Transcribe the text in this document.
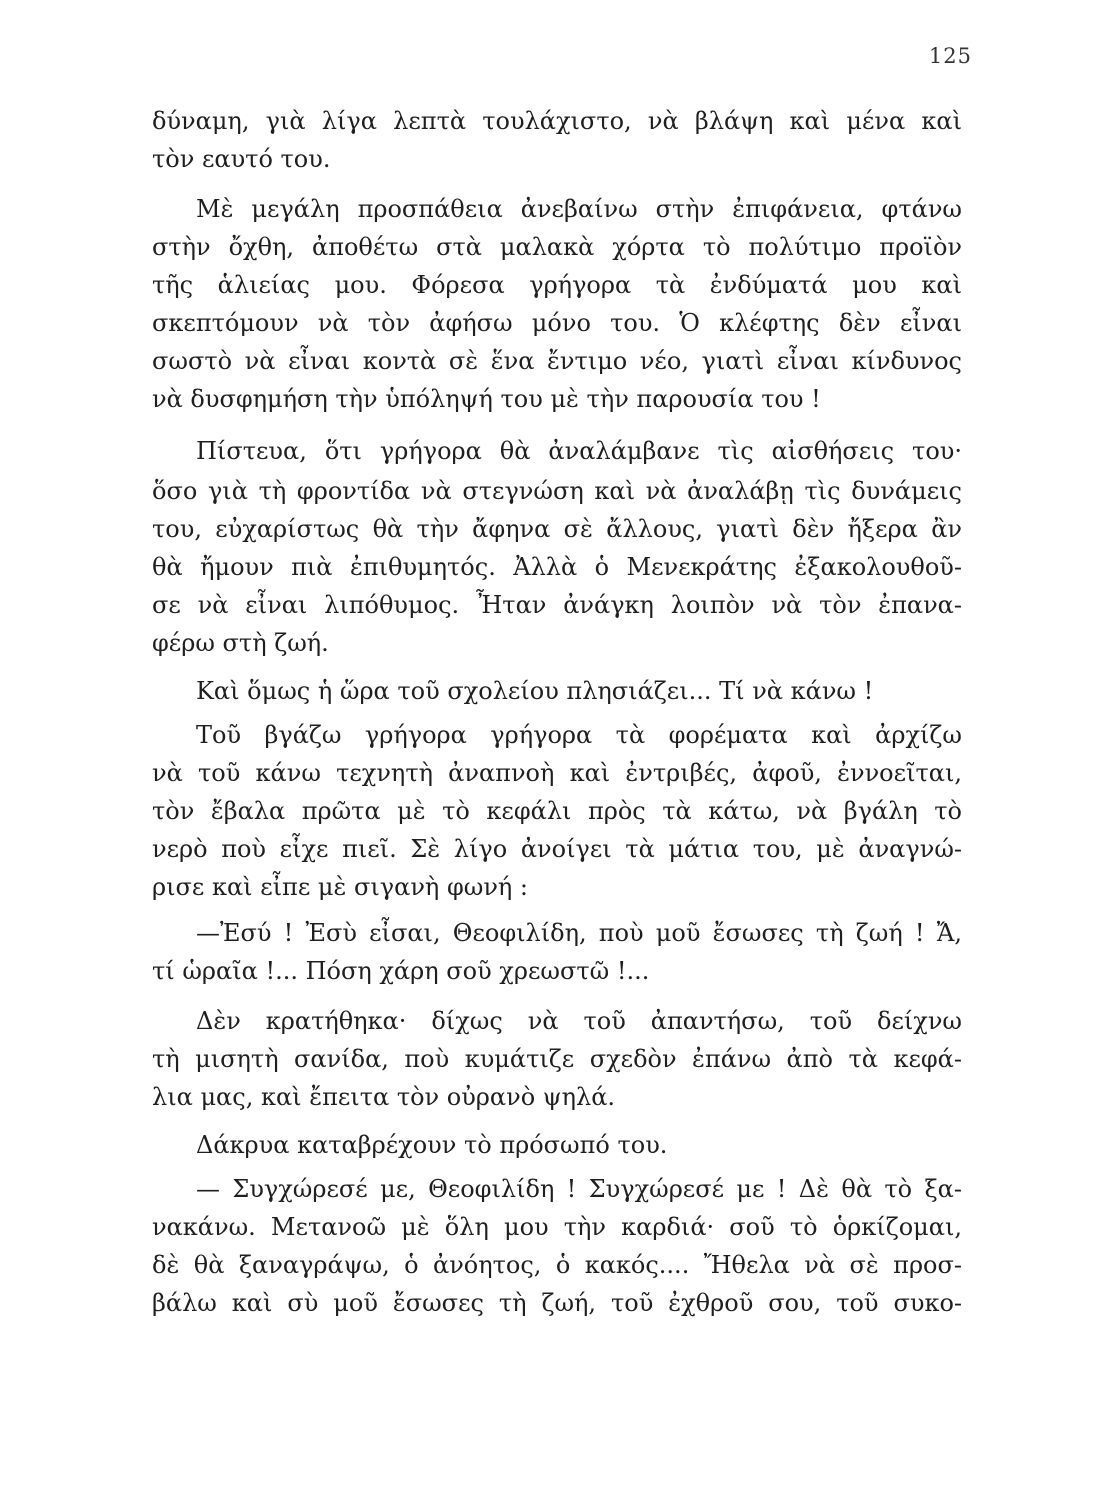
125
δύναμη, γιὰ λίγα λεπτὰ τουλάχιστο, νὰ βλάψη καὶ μένα καὶ
τὸν εαυτό του.
Μὲ μεγάλη προσπάθεια ἀνεβαίνω στὴν ἐπιφάνεια, φτάνω
στὴν ὄχθη, ἀποθέτω στὰ μαλακὰ χόρτα τὸ πολύτιμο προϊὸν
τῆς ἁλιείας μου. Φόρεσα γρήγορα τὰ ἐνδύματά μου καὶ
σκεπτόμουν νὰ τὸν ἀφήσω μόνο του. Ὁ κλέφτης δὲν εἶναι
σωστὸ νὰ εἶναι κοντὰ σὲ ἕνα ἔντιμο νέο, γιατὶ εἶναι κίνδυνος
νὰ δυσφημήση τὴν ὑπόληψή του μὲ τὴν παρουσία του !
Πίστευα, ὅτι γρήγορα θὰ ἀναλάμβανε τὶς αἰσθήσεις του·
ὅσο γιὰ τὴ φροντίδα νὰ στεγνώση καὶ νὰ ἀναλάβῃ τὶς δυνάμεις
του, εὐχαρίστως θὰ τὴν ἄφηνα σὲ ἄλλους, γιατὶ δὲν ἤξερα ἂν
θὰ ἤμουν πιὰ ἐπιθυμητός. Ἀλλὰ ὁ Μενεκράτης ἐξακολουθοῦ-
σε νὰ εἶναι λιπόθυμος. Ἦταν ἀνάγκη λοιπὸν νὰ τὸν ἐπανα-
φέρω στὴ ζωή.
Καὶ ὅμως ἡ ὥρα τοῦ σχολείου πλησιάζει... Τί νὰ κάνω !
Τοῦ βγάζω γρήγορα γρήγορα τὰ φορέματα καὶ ἀρχίζω
νὰ τοῦ κάνω τεχνητὴ ἀναπνοὴ καὶ ἐντριβές, ἀφοῦ, ἐννοεῖται,
τὸν ἔβαλα πρῶτα μὲ τὸ κεφάλι πρὸς τὰ κάτω, νὰ βγάλη τὸ
νερὸ ποὺ εἶχε πιεῖ. Σὲ λίγο ἀνοίγει τὰ μάτια του, μὲ ἀναγνώ-
ρισε καὶ εἶπε μὲ σιγανὴ φωνή :
—Ἐσύ ! Ἐσὺ εἶσαι, Θεοφιλίδη, ποὺ μοῦ ἔσωσες τὴ ζωή ! Ἄ,
τί ὡραῖα !... Πόση χάρη σοῦ χρεωστῶ !...
Δὲν κρατήθηκα· δίχως νὰ τοῦ ἀπαντήσω, τοῦ δείχνω
τὴ μισητὴ σανίδα, ποὺ κυμάτιζε σχεδὸν ἐπάνω ἀπὸ τὰ κεφά-
λια μας, καὶ ἔπειτα τὸν οὐρανὸ ψηλά.
Δάκρυα καταβρέχουν τὸ πρόσωπό του.
— Συγχώρεσέ με, Θεοφιλίδη ! Συγχώρεσέ με ! Δὲ θὰ τὸ ξα-
νακάνω. Μετανοῶ μὲ ὅλη μου τὴν καρδιά· σοῦ τὸ ὁρκίζομαι,
δὲ θὰ ξαναγράψω, ὁ ἀνόητος, ὁ κακός.... Ἤθελα νὰ σὲ προσ-
βάλω καὶ σὺ μοῦ ἔσωσες τὴ ζωή, τοῦ ἐχθροῦ σου, τοῦ συκο-
